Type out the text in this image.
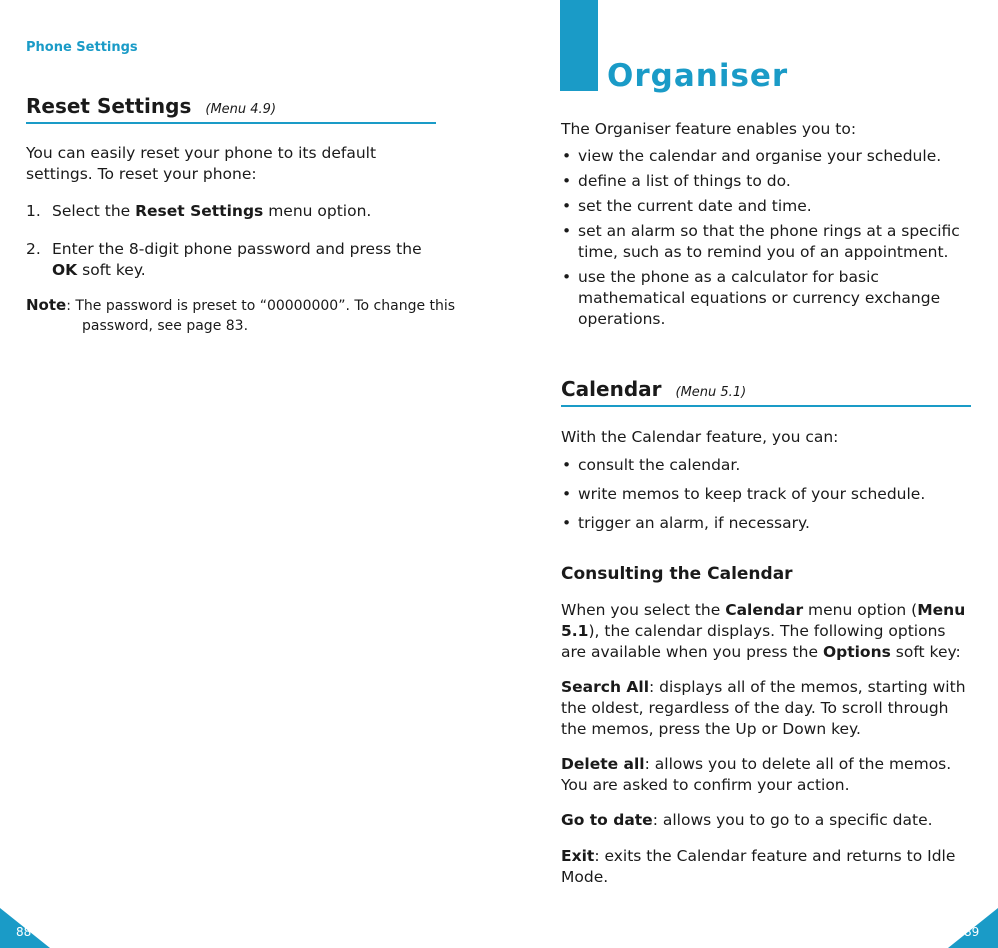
Phone Settings
Reset Settings (Menu 4.9)
You can easily reset your phone to its default settings. To reset your phone:
1. Select the Reset Settings menu option.
2. Enter the 8-digit phone password and press the OK soft key.
Note: The password is preset to “00000000”. To change this password, see page 83.
88
Organiser
The Organiser feature enables you to:
• view the calendar and organise your schedule.
• define a list of things to do.
• set the current date and time.
• set an alarm so that the phone rings at a specific time, such as to remind you of an appointment.
• use the phone as a calculator for basic mathematical equations or currency exchange operations.
Calendar (Menu 5.1)
With the Calendar feature, you can:
• consult the calendar.
• write memos to keep track of your schedule.
• trigger an alarm, if necessary.
Consulting the Calendar
When you select the Calendar menu option (Menu 5.1), the calendar displays. The following options are available when you press the Options soft key:
Search All: displays all of the memos, starting with the oldest, regardless of the day. To scroll through the memos, press the Up or Down key.
Delete all: allows you to delete all of the memos. You are asked to confirm your action.
Go to date: allows you to go to a specific date.
Exit: exits the Calendar feature and returns to Idle Mode.
89
